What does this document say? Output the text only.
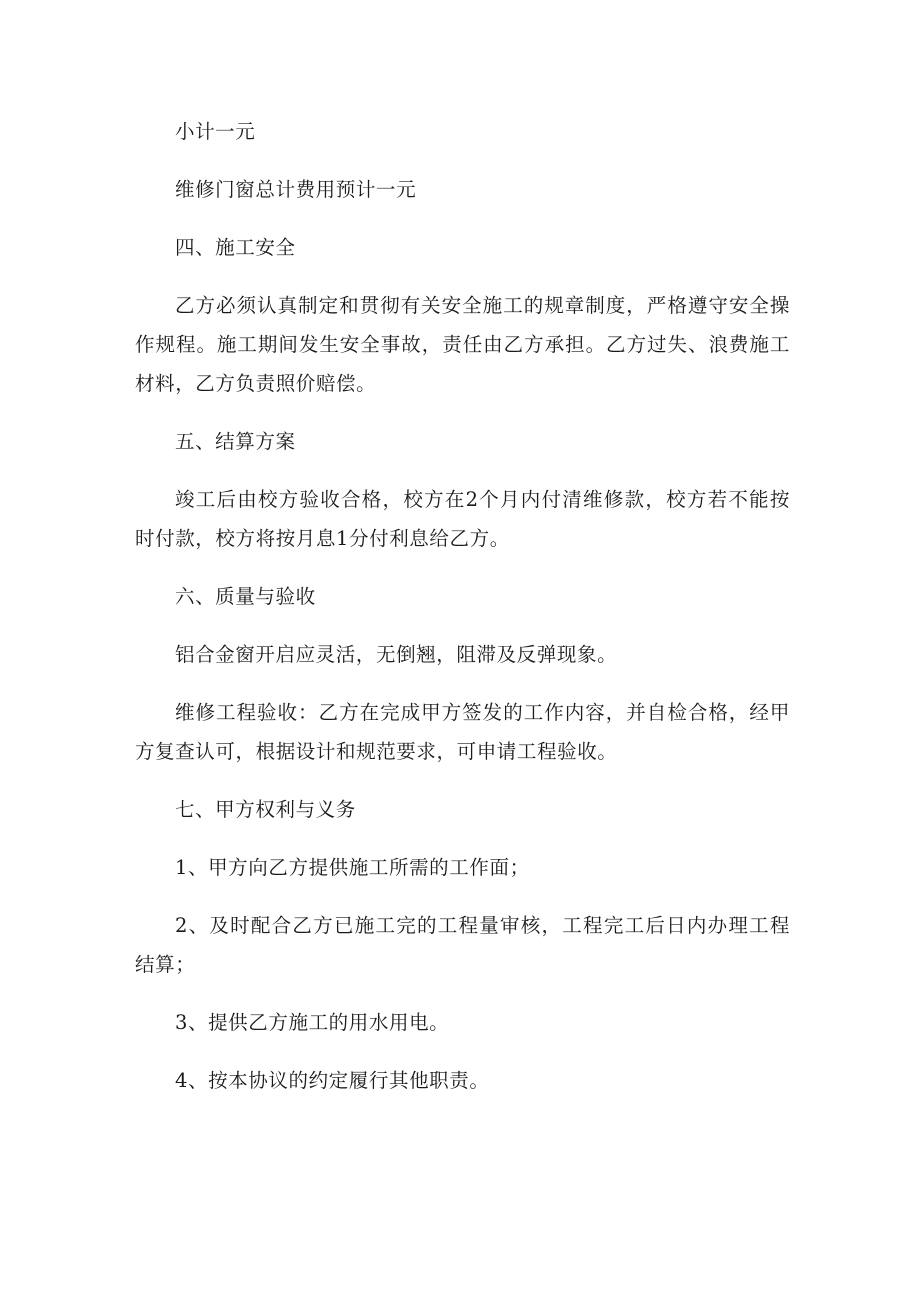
小计一元

维修门窗总计费用预计一元

四、施工安全

乙方必须认真制定和贯彻有关安全施工的规章制度，严格遵守安全操作规程。施工期间发生安全事故，责任由乙方承担。乙方过失、浪费施工材料，乙方负责照价赔偿。

五、结算方案

竣工后由校方验收合格，校方在2个月内付清维修款，校方若不能按时付款，校方将按月息1分付利息给乙方。

六、质量与验收

铝合金窗开启应灵活，无倒翘，阻滞及反弹现象。

维修工程验收：乙方在完成甲方签发的工作内容，并自检合格，经甲方复查认可，根据设计和规范要求，可申请工程验收。

七、甲方权利与义务

1、甲方向乙方提供施工所需的工作面；

2、及时配合乙方已施工完的工程量审核，工程完工后日内办理工程结算；

3、提供乙方施工的用水用电。

4、按本协议的约定履行其他职责。
